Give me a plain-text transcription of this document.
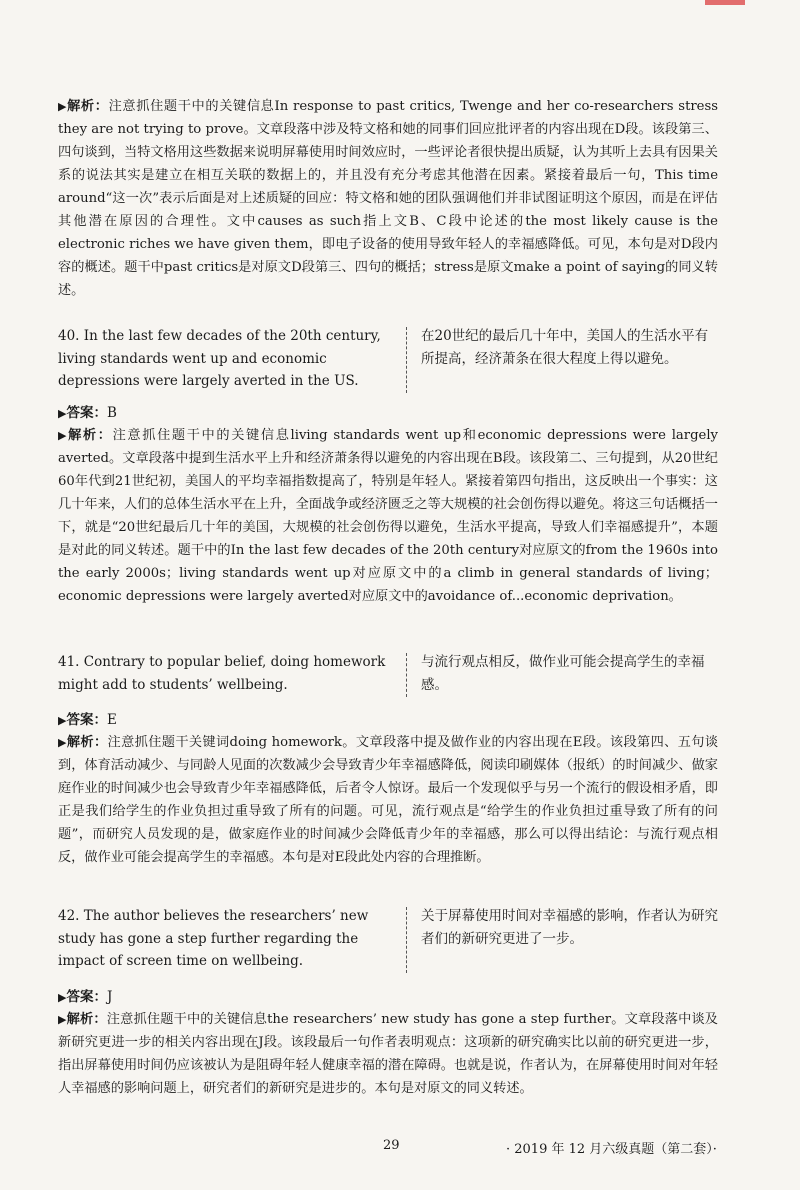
▶解析：注意抓住题干中的关键信息In response to past critics, Twenge and her co-researchers stress they are not trying to prove。文章段落中涉及特文格和她的同事们回应批评者的内容出现在D段。该段第三、四句谈到，当特文格用这些数据来说明屏幕使用时间效应时，一些评论者很快提出质疑，认为其听上去具有因果关系的说法其实是建立在相互关联的数据上的，并且没有充分考虑其他潜在因素。紧接着最后一句，This time around“这一次”表示后面是对上述质疑的回应：特文格和她的团队强调他们并非试图证明这个原因，而是在评估其他潜在原因的合理性。文中causes as such指上文B、C段中论述的the most likely cause is the electronic riches we have given them，即电子设备的使用导致年轻人的幸福感降低。可见，本句是对D段内容的概述。题干中past critics是对原文D段第三、四句的概括；stress是原文make a point of saying的同义转述。
40. In the last few decades of the 20th century, living standards went up and economic depressions were largely averted in the US.
在20世纪的最后几十年中，美国人的生活水平有所提高，经济萧条在很大程度上得以避免。
▶答案：B
▶解析：注意抓住题干中的关键信息living standards went up和economic depressions were largely averted。文章段落中提到生活水平上升和经济萧条得以避免的内容出现在B段。该段第二、三句提到，从20世纪60年代到21世纪初，美国人的平均幸福指数提高了，特别是年轻人。紧接着第四句指出，这反映出一个事实：这几十年来，人们的总体生活水平在上升，全面战争或经济匮乏之等大规模的社会创伤得以避免。将这三句话概括一下，就是“20世纪最后几十年的美国，大规模的社会创伤得以避免，生活水平提高，导致人们幸福感提升”，本题是对此的同义转述。题干中的In the last few decades of the 20th century对应原文的from the 1960s into the early 2000s；living standards went up对应原文中的a climb in general standards of living； economic depressions were largely averted对应原文中的avoidance of...economic deprivation。
41. Contrary to popular belief, doing homework might add to students’ wellbeing.
与流行观点相反，做作业可能会提高学生的幸福感。
▶答案：E
▶解析：注意抓住题干关键词doing homework。文章段落中提及做作业的内容出现在E段。该段第四、五句谈到，体育活动减少、与同龄人见面的次数减少会导致青少年幸福感降低，阅读印刷媒体（报纸）的时间减少、做家庭作业的时间减少也会导致青少年幸福感降低，后者令人惊讶。最后一个发现似乎与另一个流行的假设相矛盾，即正是我们给学生的作业负担过重导致了所有的问题。可见，流行观点是“给学生的作业负担过重导致了所有的问题”，而研究人员发现的是，做家庭作业的时间减少会降低青少年的幸福感，那么可以得出结论：与流行观点相反，做作业可能会提高学生的幸福感。本句是对E段此处内容的合理推断。
42. The author believes the researchers’ new study has gone a step further regarding the impact of screen time on wellbeing.
关于屏幕使用时间对幸福感的影响，作者认为研究者们的新研究更进了一步。
▶答案：J
▶解析：注意抓住题干中的关键信息the researchers’ new study has gone a step further。文章段落中谈及新研究更进一步的相关内容出现在J段。该段最后一句作者表明观点：这项新的研究确实比以前的研究更进一步，指出屏幕使用时间仍应该被认为是阻碍年轻人健康幸福的潜在障碍。也就是说，作者认为，在屏幕使用时间对年轻人幸福感的影响问题上，研究者们的新研究是进步的。本句是对原文的同义转述。
29	· 2019 年 12 月六级真题（第二套）·
